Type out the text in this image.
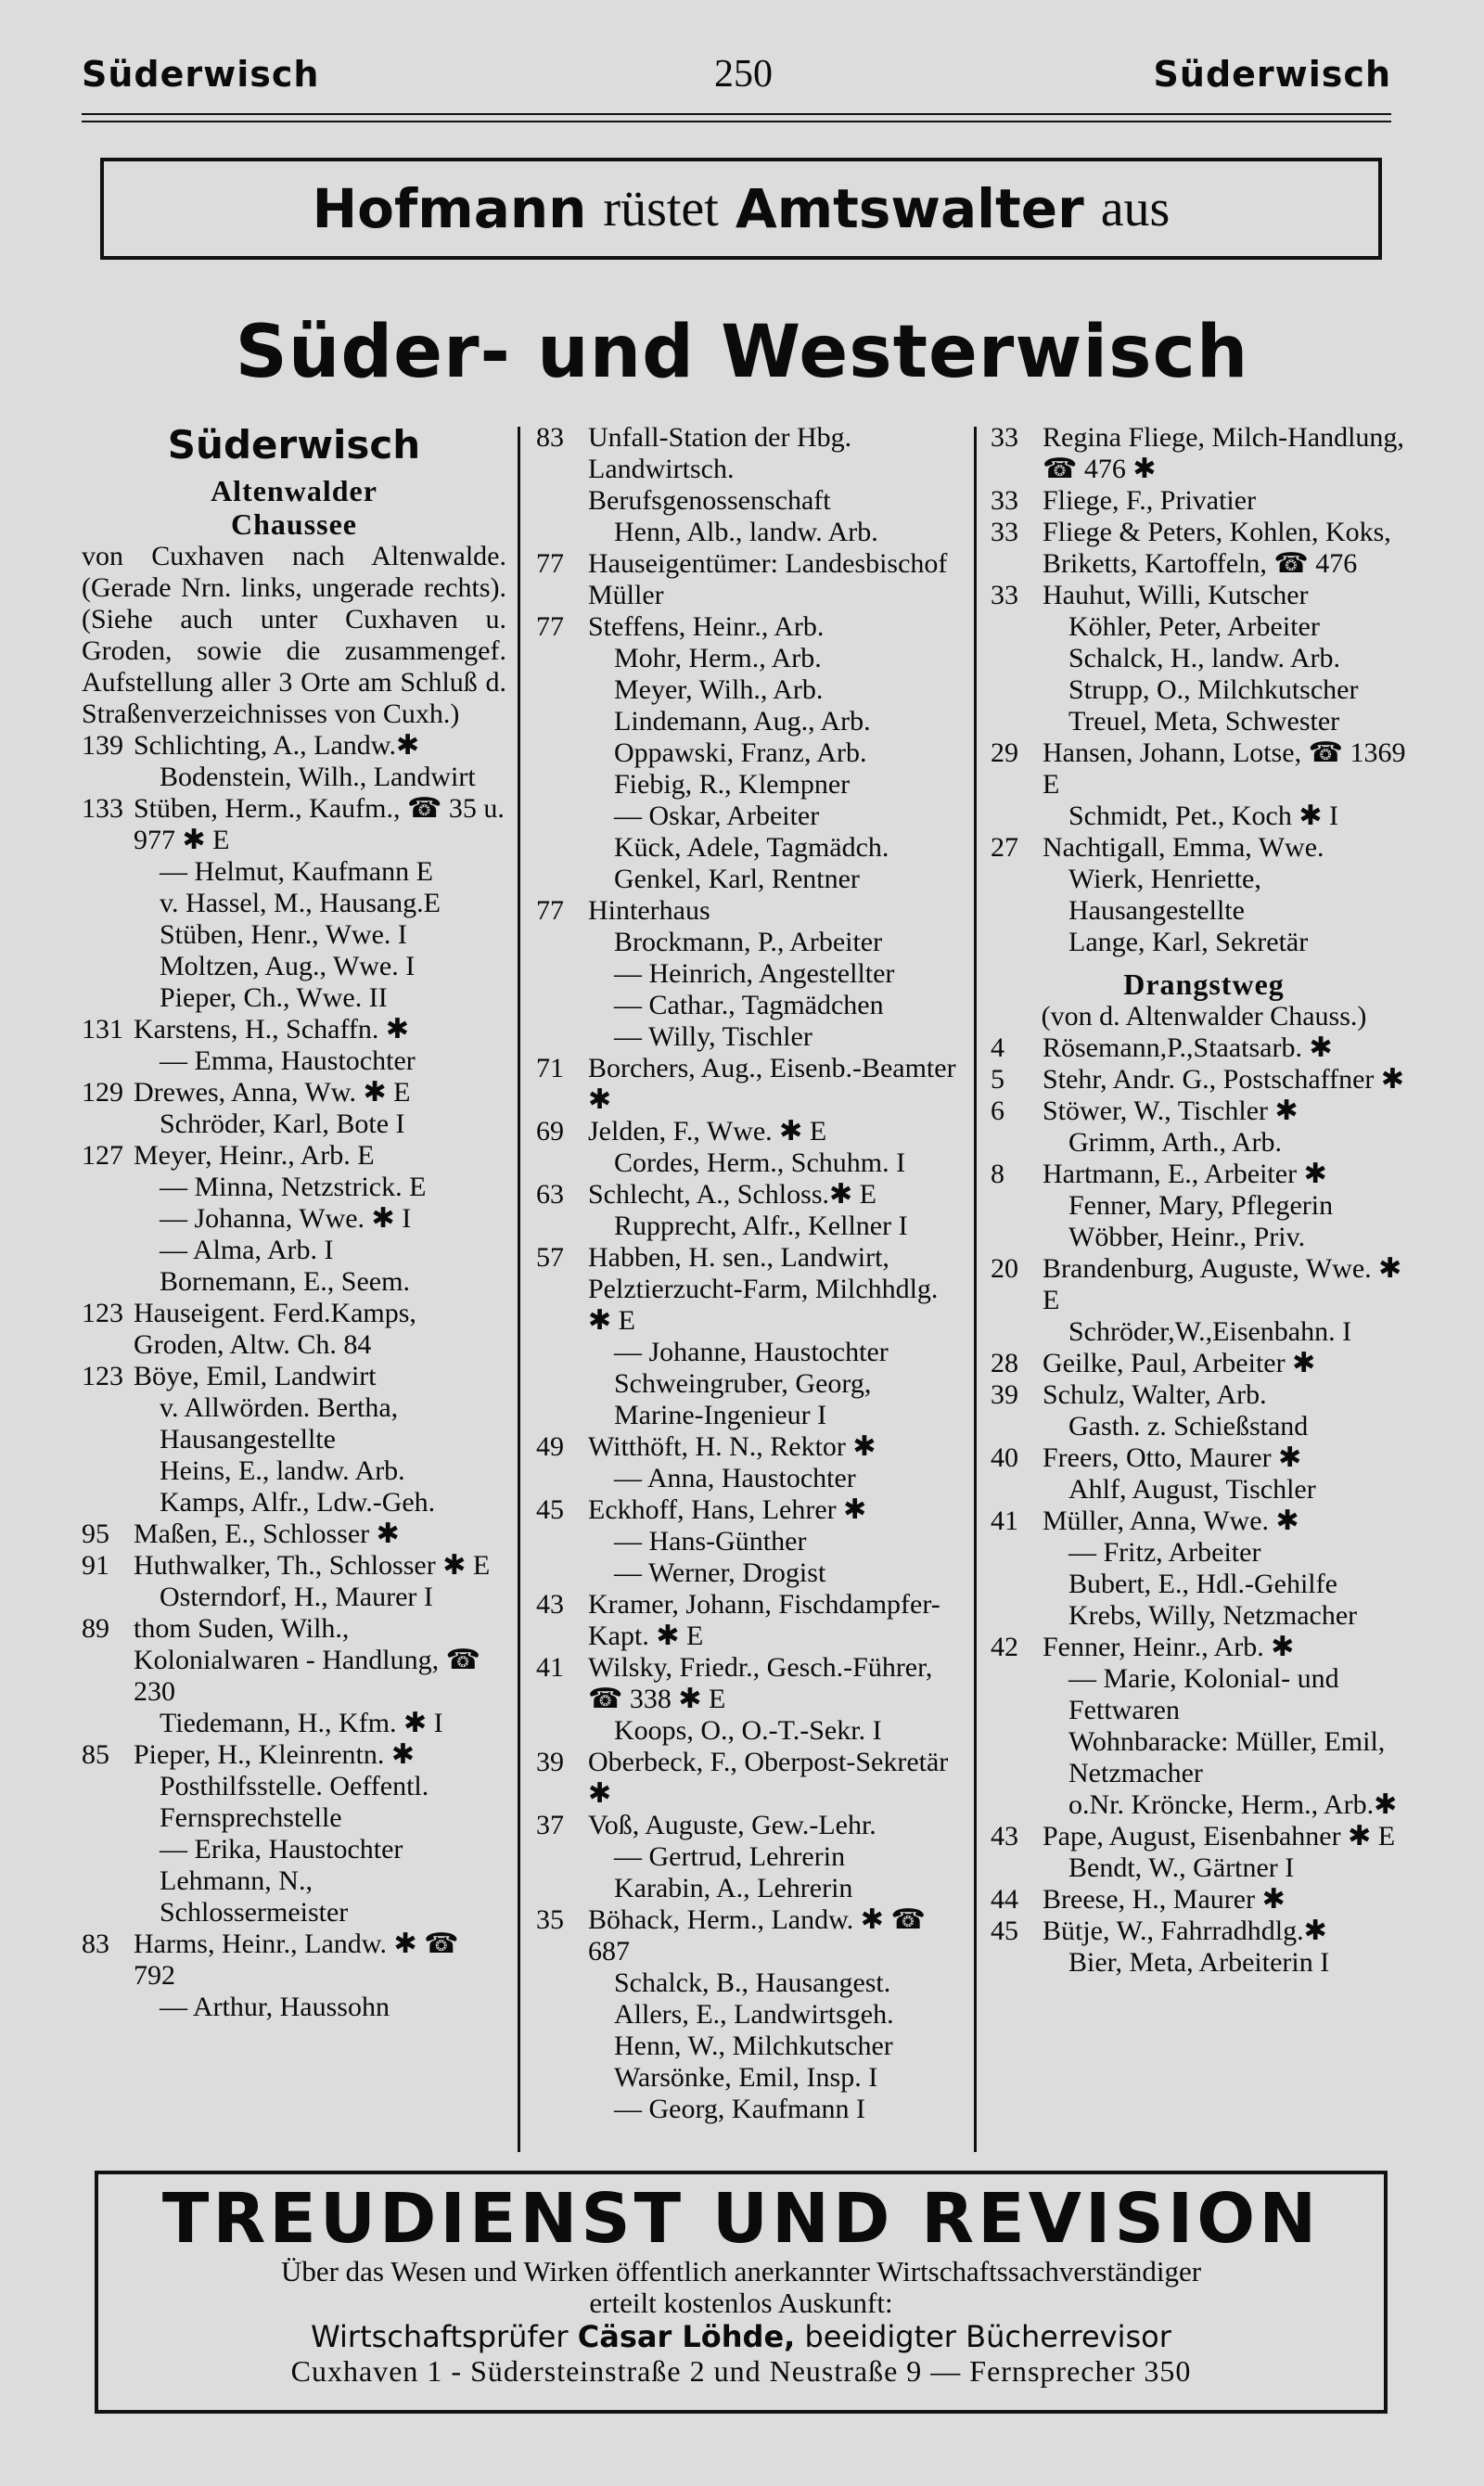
Süderwisch	250	Süderwisch
Hofmann rüstet Amtswalter aus
Süder- und Westerwisch
Süderwisch
Altenwalder
Chaussee
von Cuxhaven nach Altenwalde. (Gerade Nrn. links, ungerade rechts). (Siehe auch unter Cuxhaven u. Groden, sowie die zusammengef. Aufstellung aller 3 Orte am Schluß d. Straßenverzeichnisses von Cuxh.)
139 Schlichting, A., Landw.✱
Bodenstein, Wilh., Landwirt
133 Stüben, Herm., Kaufm., ☎ 35 u. 977 ✱ E
— Helmut, Kaufmann E
v. Hassel, M., Hausang.E
Stüben, Henr., Wwe. I
Moltzen, Aug., Wwe. I
Pieper, Ch., Wwe. II
131 Karstens, H., Schaffn. ✱
— Emma, Haustochter
129 Drewes, Anna, Ww. ✱ E
Schröder, Karl, Bote I
127 Meyer, Heinr., Arb. E
— Minna, Netzstrick. E
— Johanna, Wwe. ✱ I
— Alma, Arb. I
Bornemann, E., Seem.
123 Hauseigent. Ferd.Kamps, Groden, Altw. Ch. 84
123 Böye, Emil, Landwirt
v. Allwörden. Bertha, Hausangestellte
Heins, E., landw. Arb.
Kamps, Alfr., Ldw.-Geh.
95 Maßen, E., Schlosser ✱
91 Huthwalker, Th., Schlosser ✱ E
Osterndorf, H., Maurer I
89 thom Suden, Wilh., Kolonialwaren - Handlung, ☎ 230
Tiedemann, H., Kfm. ✱ I
85 Pieper, H., Kleinrentn. ✱
Posthilfsstelle. Oeffentl. Fernsprechstelle
— Erika, Haustochter
Lehmann, N., Schlossermeister
83 Harms, Heinr., Landw. ✱ ☎ 792
— Arthur, Haussohn
83 Unfall-Station der Hbg. Landwirtsch. Berufsgenossenschaft
Henn, Alb., landw. Arb.
77 Hauseigentümer: Landesbischof Müller
77 Steffens, Heinr., Arb.
Mohr, Herm., Arb.
Meyer, Wilh., Arb.
Lindemann, Aug., Arb.
Oppawski, Franz, Arb.
Fiebig, R., Klempner
— Oskar, Arbeiter
Kück, Adele, Tagmädch.
Genkel, Karl, Rentner
77 Hinterhaus
Brockmann, P., Arbeiter
— Heinrich, Angestellter
— Cathar., Tagmädchen
— Willy, Tischler
71 Borchers, Aug., Eisenb.-Beamter ✱
69 Jelden, F., Wwe. ✱ E
Cordes, Herm., Schuhm. I
63 Schlecht, A., Schloss.✱ E
Rupprecht, Alfr., Kellner I
57 Habben, H. sen., Landwirt, Pelztierzucht-Farm, Milchhdlg. ✱ E
— Johanne, Haustochter
Schweingruber, Georg, Marine-Ingenieur I
49 Witthöft, H. N., Rektor ✱
— Anna, Haustochter
45 Eckhoff, Hans, Lehrer ✱
— Hans-Günther
— Werner, Drogist
43 Kramer, Johann, Fischdampfer-Kapt. ✱ E
41 Wilsky, Friedr., Gesch.-Führer, ☎ 338 ✱ E
Koops, O., O.-T.-Sekr. I
39 Oberbeck, F., Oberpost-Sekretär ✱
37 Voß, Auguste, Gew.-Lehr.
— Gertrud, Lehrerin
Karabin, A., Lehrerin
35 Böhack, Herm., Landw. ✱ ☎ 687
Schalck, B., Hausangest.
Allers, E., Landwirtsgeh.
Henn, W., Milchkutscher
Warsönke, Emil, Insp. I
— Georg, Kaufmann I
33 Regina Fliege, Milch-Handlung, ☎ 476 ✱
33 Fliege, F., Privatier
33 Fliege & Peters, Kohlen, Koks, Briketts, Kartoffeln, ☎ 476
33 Hauhut, Willi, Kutscher
Köhler, Peter, Arbeiter
Schalck, H., landw. Arb.
Strupp, O., Milchkutscher
Treuel, Meta, Schwester
29 Hansen, Johann, Lotse, ☎ 1369 E
Schmidt, Pet., Koch ✱ I
27 Nachtigall, Emma, Wwe.
Wierk, Henriette, Hausangestellte
Lange, Karl, Sekretär
Drangstweg
(von d. Altenwalder Chauss.)
4	Rösemann,P.,Staatsarb. ✱
5	Stehr, Andr. G., Postschaffner ✱
6	Stöwer, W., Tischler ✱
Grimm, Arth., Arb.
8	Hartmann, E., Arbeiter ✱
Fenner, Mary, Pflegerin
Wöbber, Heinr., Priv.
20 Brandenburg, Auguste, Wwe. ✱ E
Schröder,W.,Eisenbahn. I
28 Geilke, Paul, Arbeiter ✱
39 Schulz, Walter, Arb.
Gasth. z. Schießstand
40 Freers, Otto, Maurer ✱
Ahlf, August, Tischler
41 Müller, Anna, Wwe. ✱
— Fritz, Arbeiter
Bubert, E., Hdl.-Gehilfe
Krebs, Willy, Netzmacher
42 Fenner, Heinr., Arb. ✱
— Marie, Kolonial- und Fettwaren
Wohnbaracke: Müller, Emil, Netzmacher
o.Nr. Kröncke, Herm., Arb.✱
43 Pape, August, Eisenbahner ✱ E
Bendt, W., Gärtner I
44 Breese, H., Maurer ✱
45 Bütje, W., Fahrradhdlg.✱
Bier, Meta, Arbeiterin I
TREUDIENST UND REVISION
Über das Wesen und Wirken öffentlich anerkannter Wirtschaftssachverständiger
erteilt kostenlos Auskunft:
Wirtschaftsprüfer Cäsar Löhde, beeidigter Bücherrevisor
Cuxhaven 1 - Südersteinstraße 2 und Neustraße 9 — Fernsprecher 350
